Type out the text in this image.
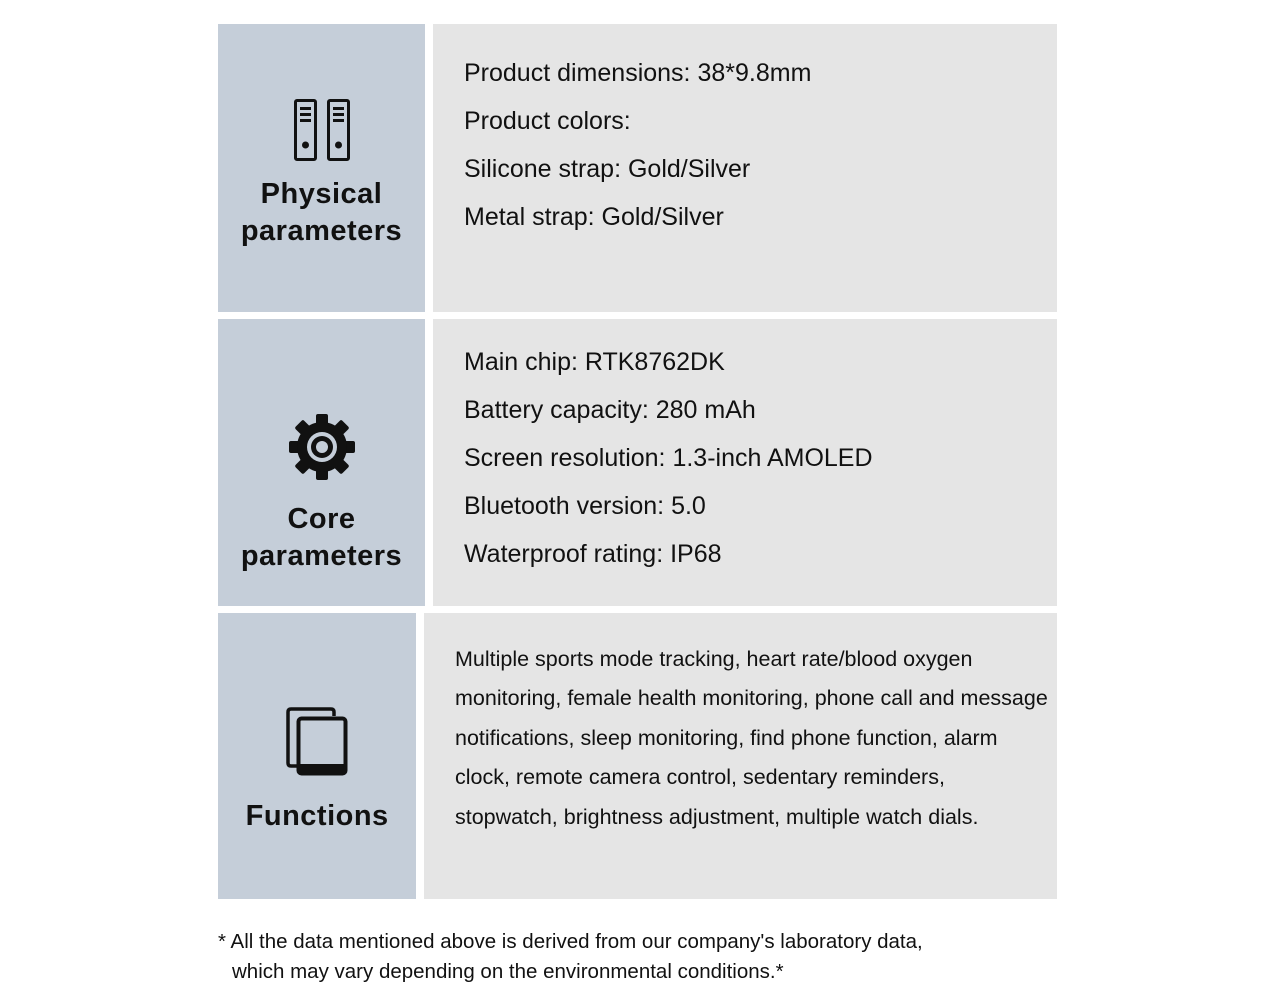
Physical
parameters
Product dimensions: 38*9.8mm
Product colors:
Silicone strap: Gold/Silver
Metal strap: Gold/Silver
Core
parameters
Main chip: RTK8762DK
Battery capacity: 280 mAh
Screen resolution: 1.3-inch AMOLED
Bluetooth version: 5.0
Waterproof rating: IP68
Functions
Multiple sports mode tracking, heart rate/blood oxygen monitoring, female health monitoring, phone call and message notifications, sleep monitoring, find phone function, alarm clock, remote camera control, sedentary reminders, stopwatch, brightness adjustment, multiple watch dials.
* All the data mentioned above is derived from our company's laboratory data,
which may vary depending on the environmental conditions.*
